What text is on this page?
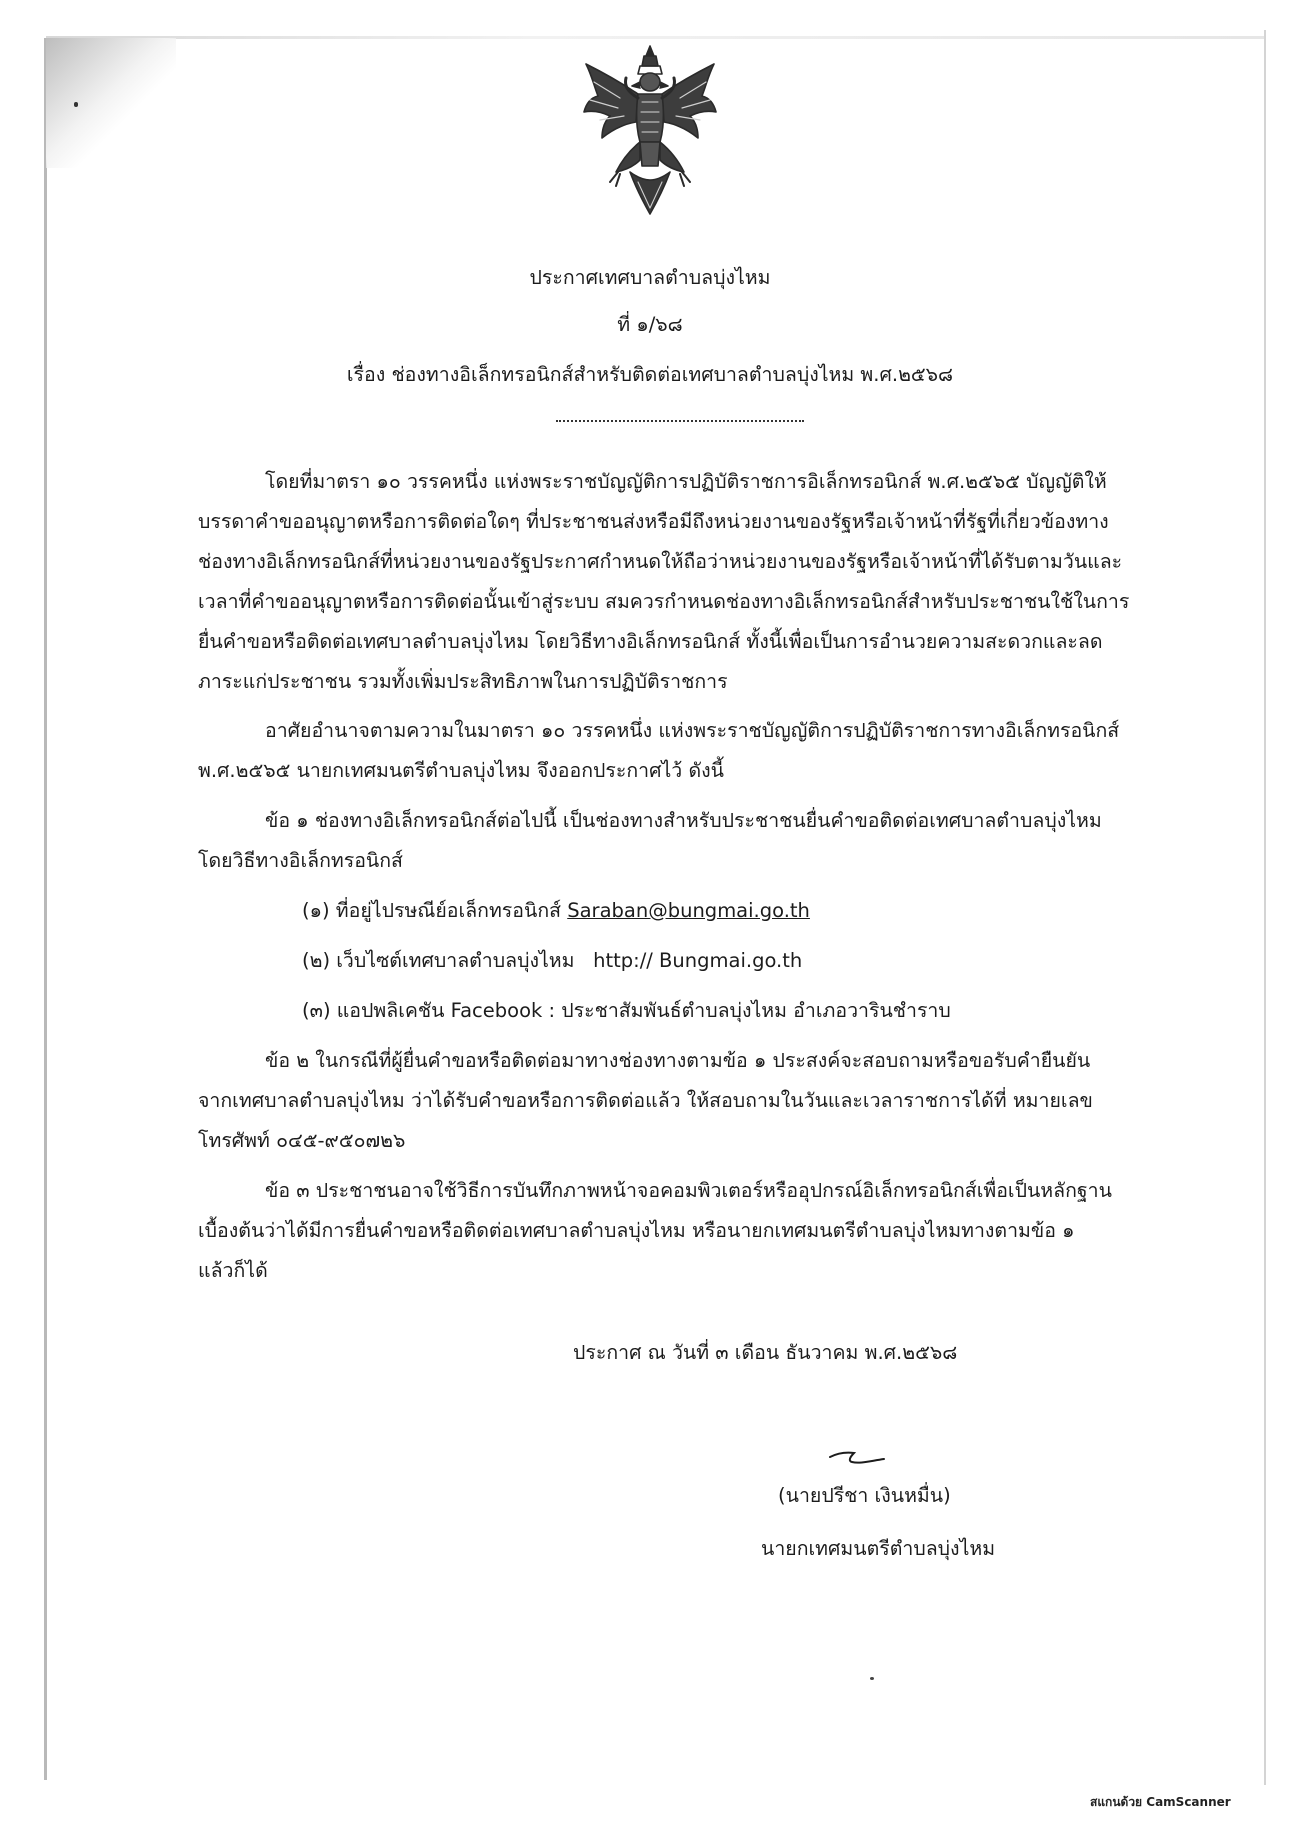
ประกาศเทศบาลตำบลบุ่งไหม

ที่ ๑/๖๘

เรื่อง ช่องทางอิเล็กทรอนิกส์สำหรับติดต่อเทศบาลตำบลบุ่งไหม พ.ศ.๒๕๖๘

โดยที่มาตรา ๑๐ วรรคหนึ่ง แห่งพระราชบัญญัติการปฏิบัติราชการอิเล็กทรอนิกส์ พ.ศ.๒๕๖๕ บัญญัติให้

บรรดาคำขออนุญาตหรือการติดต่อใดๆ ที่ประชาชนส่งหรือมีถึงหน่วยงานของรัฐหรือเจ้าหน้าที่รัฐที่เกี่ยวข้องทาง

ช่องทางอิเล็กทรอนิกส์ที่หน่วยงานของรัฐประกาศกำหนดให้ถือว่าหน่วยงานของรัฐหรือเจ้าหน้าที่ได้รับตามวันและ

เวลาที่คำขออนุญาตหรือการติดต่อนั้นเข้าสู่ระบบ สมควรกำหนดช่องทางอิเล็กทรอนิกส์สำหรับประชาชนใช้ในการ

ยื่นคำขอหรือติดต่อเทศบาลตำบลบุ่งไหม โดยวิธีทางอิเล็กทรอนิกส์ ทั้งนี้เพื่อเป็นการอำนวยความสะดวกและลด

ภาระแก่ประชาชน รวมทั้งเพิ่มประสิทธิภาพในการปฏิบัติราชการ

อาศัยอำนาจตามความในมาตรา ๑๐ วรรคหนึ่ง แห่งพระราชบัญญัติการปฏิบัติราชการทางอิเล็กทรอนิกส์

พ.ศ.๒๕๖๕ นายกเทศมนตรีตำบลบุ่งไหม จึงออกประกาศไว้ ดังนี้

ข้อ ๑ ช่องทางอิเล็กทรอนิกส์ต่อไปนี้ เป็นช่องทางสำหรับประชาชนยื่นคำขอติดต่อเทศบาลตำบลบุ่งไหม

โดยวิธีทางอิเล็กทรอนิกส์

(๑) ที่อยู่ไปรษณีย์อเล็กทรอนิกส์ Saraban@bungmai.go.th

(๒) เว็บไซต์เทศบาลตำบลบุ่งไหม http:// Bungmai.go.th

(๓) แอปพลิเคชัน Facebook : ประชาสัมพันธ์ตำบลบุ่งไหม อำเภอวารินชำราบ

ข้อ ๒ ในกรณีที่ผู้ยื่นคำขอหรือติดต่อมาทางช่องทางตามข้อ ๑ ประสงค์จะสอบถามหรือขอรับคำยืนยัน

จากเทศบาลตำบลบุ่งไหม ว่าได้รับคำขอหรือการติดต่อแล้ว ให้สอบถามในวันและเวลาราชการได้ที่ หมายเลข

โทรศัพท์ ๐๔๕-๙๕๐๗๒๖

ข้อ ๓ ประชาชนอาจใช้วิธีการบันทึกภาพหน้าจอคอมพิวเตอร์หรืออุปกรณ์อิเล็กทรอนิกส์เพื่อเป็นหลักฐาน

เบื้องต้นว่าได้มีการยื่นคำขอหรือติดต่อเทศบาลตำบลบุ่งไหม หรือนายกเทศมนตรีตำบลบุ่งไหมทางตามข้อ ๑

แล้วก็ได้

ประกาศ ณ วันที่ ๓ เดือน ธันวาคม พ.ศ.๒๕๖๘

(นายปรีชา เงินหมื่น)

นายกเทศมนตรีตำบลบุ่งไหม

สแกนด้วย CamScanner
